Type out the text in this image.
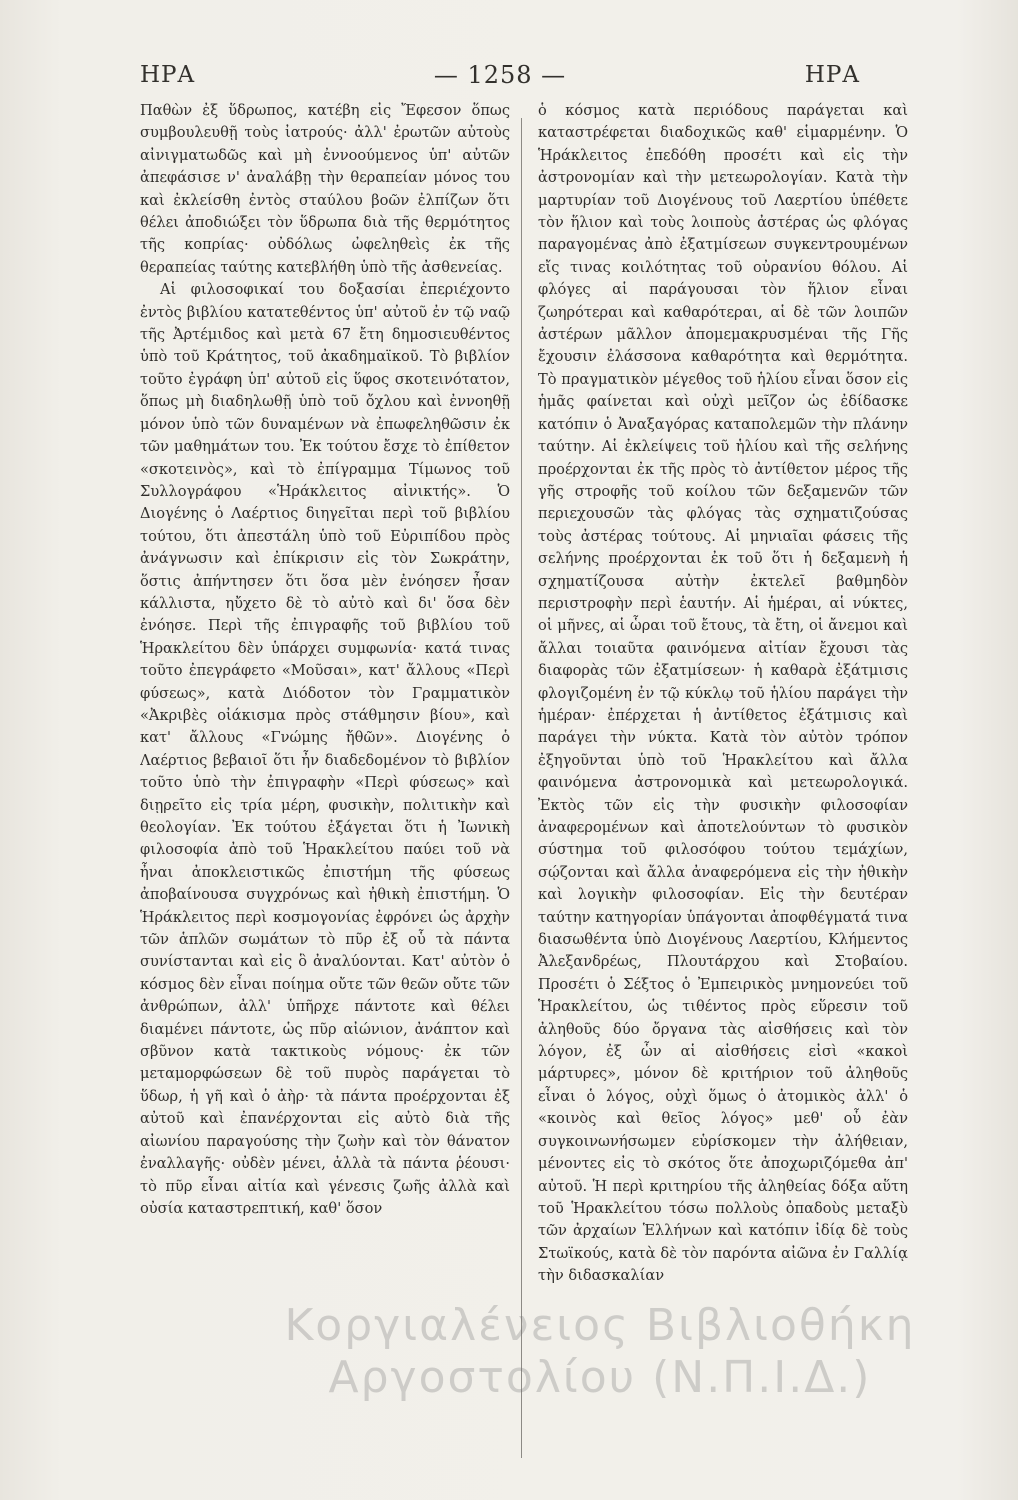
ΗΡΑ	— 1258 —	ΗΡΑ

Παθὼν ἐξ ὕδρωπος, κατέβη εἰς Ἔφεσον ὅπως συμβουλευθῇ τοὺς ἰατρούς· ἀλλ' ἐρωτῶν αὐτοὺς αἰνιγματωδῶς καὶ μὴ ἐννοούμενος ὑπ' αὐτῶν ἀπεφάσισε ν' ἀναλάβῃ τὴν θεραπείαν μόνος του καὶ ἐκλείσθη ἐντὸς σταύλου βοῶν ἐλπίζων ὅτι θέλει ἀποδιώξει τὸν ὕδρωπα διὰ τῆς θερμότητος τῆς κοπρίας· οὐδόλως ὠφεληθεὶς ἐκ τῆς θεραπείας ταύτης κατεβλήθη ὑπὸ τῆς ἀσθενείας.

Αἱ φιλοσοφικαί του δοξασίαι ἐπεριέχοντο ἐντὸς βιβλίου κατατεθέντος ὑπ' αὐτοῦ ἐν τῷ ναῷ τῆς Ἀρτέμιδος καὶ μετὰ 67 ἔτη δημοσιευθέντος ὑπὸ τοῦ Κράτητος, τοῦ ἀκαδημαϊκοῦ. Τὸ βιβλίον τοῦτο ἐγράφη ὑπ' αὐτοῦ εἰς ὕφος σκοτεινότατον, ὅπως μὴ διαδηλωθῇ ὑπὸ τοῦ ὄχλου καὶ ἐννοηθῇ μόνον ὑπὸ τῶν δυναμένων νὰ ἐπωφεληθῶσιν ἐκ τῶν μαθημάτων του. Ἐκ τούτου ἔσχε τὸ ἐπίθετον «σκοτεινὸς», καὶ τὸ ἐπίγραμμα Τίμωνος τοῦ Συλλογράφου «Ἡράκλειτος αἰνικτής». Ὁ Διογένης ὁ Λαέρτιος διηγεῖται περὶ τοῦ βιβλίου τούτου, ὅτι ἀπεστάλη ὑπὸ τοῦ Εὐριπίδου πρὸς ἀνάγνωσιν καὶ ἐπίκρισιν εἰς τὸν Σωκράτην, ὅστις ἀπήντησεν ὅτι ὅσα μὲν ἐνόησεν ἦσαν κάλλιστα, ηὔχετο δὲ τὸ αὐτὸ καὶ δι' ὅσα δὲν ἐνόησε. Περὶ τῆς ἐπιγραφῆς τοῦ βιβλίου τοῦ Ἡρακλείτου δὲν ὑπάρχει συμφωνία· κατά τινας τοῦτο ἐπεγράφετο «Μοῦσαι», κατ' ἄλλους «Περὶ φύσεως», κατὰ Διόδοτον τὸν Γραμματικὸν «Ἀκριβὲς οἰάκισμα πρὸς στάθμησιν βίου», καὶ κατ' ἄλλους «Γνώμης ἤθῶν». Διογένης ὁ Λαέρτιος βεβαιοῖ ὅτι ἦν διαδεδομένον τὸ βιβλίον τοῦτο ὑπὸ τὴν ἐπιγραφὴν «Περὶ φύσεως» καὶ διῃρεῖτο εἰς τρία μέρη, φυσικὴν, πολιτικὴν καὶ θεολογίαν. Ἐκ τούτου ἐξάγεται ὅτι ἡ Ἰωνικὴ φιλοσοφία ἀπὸ τοῦ Ἡρακλείτου παύει τοῦ νὰ ἦναι ἀποκλειστικῶς ἐπιστήμη τῆς φύσεως ἀποβαίνουσα συγχρόνως καὶ ἠθικὴ ἐπιστήμη. Ὁ Ἡράκλειτος περὶ κοσμογονίας ἐφρόνει ὡς ἀρχὴν τῶν ἁπλῶν σωμάτων τὸ πῦρ ἐξ οὗ τὰ πάντα συνίστανται καὶ εἰς ὃ ἀναλύονται. Κατ' αὐτὸν ὁ κόσμος δὲν εἶναι ποίημα οὔτε τῶν θεῶν οὔτε τῶν ἀνθρώπων, ἀλλ' ὑπῆρχε πάντοτε καὶ θέλει διαμένει πάντοτε, ὡς πῦρ αἰώνιον, ἀνάπτον καὶ σβῦνον κατὰ τακτικοὺς νόμους· ἐκ τῶν μεταμορφώσεων δὲ τοῦ πυρὸς παράγεται τὸ ὕδωρ, ἡ γῆ καὶ ὁ ἀὴρ· τὰ πάντα προέρχονται ἐξ αὐτοῦ καὶ ἐπανέρχονται εἰς αὐτὸ διὰ τῆς αἰωνίου παραγούσης τὴν ζωὴν καὶ τὸν θάνατον ἐναλλαγῆς· οὐδὲν μένει, ἀλλὰ τὰ πάντα ῥέουσι· τὸ πῦρ εἶναι αἰτία καὶ γένεσις ζωῆς ἀλλὰ καὶ οὐσία καταστρεπτική, καθ' ὅσον

ὁ κόσμος κατὰ περιόδους παράγεται καὶ καταστρέφεται διαδοχικῶς καθ' εἱμαρμένην. Ὁ Ἡράκλειτος ἐπεδόθη προσέτι καὶ εἰς τὴν ἀστρονομίαν καὶ τὴν μετεωρολογίαν. Κατὰ τὴν μαρτυρίαν τοῦ Διογένους τοῦ Λαερτίου ὑπέθετε τὸν ἥλιον καὶ τοὺς λοιποὺς ἀστέρας ὡς φλόγας παραγομένας ἀπὸ ἐξατμίσεων συγκεντρουμένων εἴς τινας κοιλότητας τοῦ οὐρανίου θόλου. Αἱ φλόγες αἱ παράγουσαι τὸν ἥλιον εἶναι ζωηρότεραι καὶ καθαρότεραι, αἱ δὲ τῶν λοιπῶν ἀστέρων μᾶλλον ἀπομεμακρυσμέναι τῆς Γῆς ἔχουσιν ἐλάσσονα καθαρότητα καὶ θερμότητα. Τὸ πραγματικὸν μέγεθος τοῦ ἡλίου εἶναι ὅσον εἰς ἡμᾶς φαίνεται καὶ οὐχὶ μεῖζον ὡς ἐδίδασκε κατόπιν ὁ Ἀναξαγόρας καταπολεμῶν τὴν πλάνην ταύτην. Αἱ ἐκλείψεις τοῦ ἡλίου καὶ τῆς σελήνης προέρχονται ἐκ τῆς πρὸς τὸ ἀντίθετον μέρος τῆς γῆς στροφῆς τοῦ κοίλου τῶν δεξαμενῶν τῶν περιεχουσῶν τὰς φλόγας τὰς σχηματιζούσας τοὺς ἀστέρας τούτους. Αἱ μηνιαῖαι φάσεις τῆς σελήνης προέρχονται ἐκ τοῦ ὅτι ἡ δεξαμενὴ ἡ σχηματίζουσα αὐτὴν ἐκτελεῖ βαθμηδὸν περιστροφὴν περὶ ἑαυτήν. Αἱ ἡμέραι, αἱ νύκτες, οἱ μῆνες, αἱ ὧραι τοῦ ἔτους, τὰ ἔτη, οἱ ἄνεμοι καὶ ἄλλαι τοιαῦτα φαινόμενα αἰτίαν ἔχουσι τὰς διαφορὰς τῶν ἐξατμίσεων· ἡ καθαρὰ ἐξάτμισις φλογιζομένη ἐν τῷ κύκλῳ τοῦ ἡλίου παράγει τὴν ἡμέραν· ἐπέρχεται ἡ ἀντίθετος ἐξάτμισις καὶ παράγει τὴν νύκτα. Κατὰ τὸν αὐτὸν τρόπον ἐξηγοῦνται ὑπὸ τοῦ Ἡρακλείτου καὶ ἄλλα φαινόμενα ἀστρονομικὰ καὶ μετεωρολογικά. Ἐκτὸς τῶν εἰς τὴν φυσικὴν φιλοσοφίαν ἀναφερομένων καὶ ἀποτελούντων τὸ φυσικὸν σύστημα τοῦ φιλοσόφου τούτου τεμάχίων, σῴζονται καὶ ἄλλα ἀναφερόμενα εἰς τὴν ἠθικὴν καὶ λογικὴν φιλοσοφίαν. Εἰς τὴν δευτέραν ταύτην κατηγορίαν ὑπάγονται ἀποφθέγματά τινα διασωθέντα ὑπὸ Διογένους Λαερτίου, Κλήμεντος Ἀλεξανδρέως, Πλουτάρχου καὶ Στοβαίου. Προσέτι ὁ Σέξτος ὁ Ἐμπειρικὸς μνημονεύει τοῦ Ἡρακλείτου, ὡς τιθέντος πρὸς εὕρεσιν τοῦ ἀληθοῦς δύο ὄργανα τὰς αἰσθήσεις καὶ τὸν λόγον, ἐξ ὧν αἱ αἰσθήσεις εἰσὶ «κακοὶ μάρτυρες», μόνον δὲ κριτήριον τοῦ ἀληθοῦς εἶναι ὁ λόγος, οὐχὶ ὅμως ὁ ἀτομικὸς ἀλλ' ὁ «κοινὸς καὶ θεῖος λόγος» μεθ' οὗ ἐὰν συγκοινωνήσωμεν εὑρίσκομεν τὴν ἀλήθειαν, μένοντες εἰς τὸ σκότος ὅτε ἀποχωριζόμεθα ἀπ' αὐτοῦ. Ἡ περὶ κριτηρίου τῆς ἀληθείας δόξα αὕτη τοῦ Ἡρακλείτου τόσω πολλοὺς ὀπαδοὺς μεταξὺ τῶν ἀρχαίων Ἑλλήνων καὶ κατόπιν ἰδίᾳ δὲ τοὺς Στωϊκούς, κατὰ δὲ τὸν παρόντα αἰῶνα ἐν Γαλλίᾳ τὴν διδασκαλίαν

Κοργιαλένειος Βιβλιοθήκη
Αργοστολίου (Ν.Π.Ι.Δ.)
